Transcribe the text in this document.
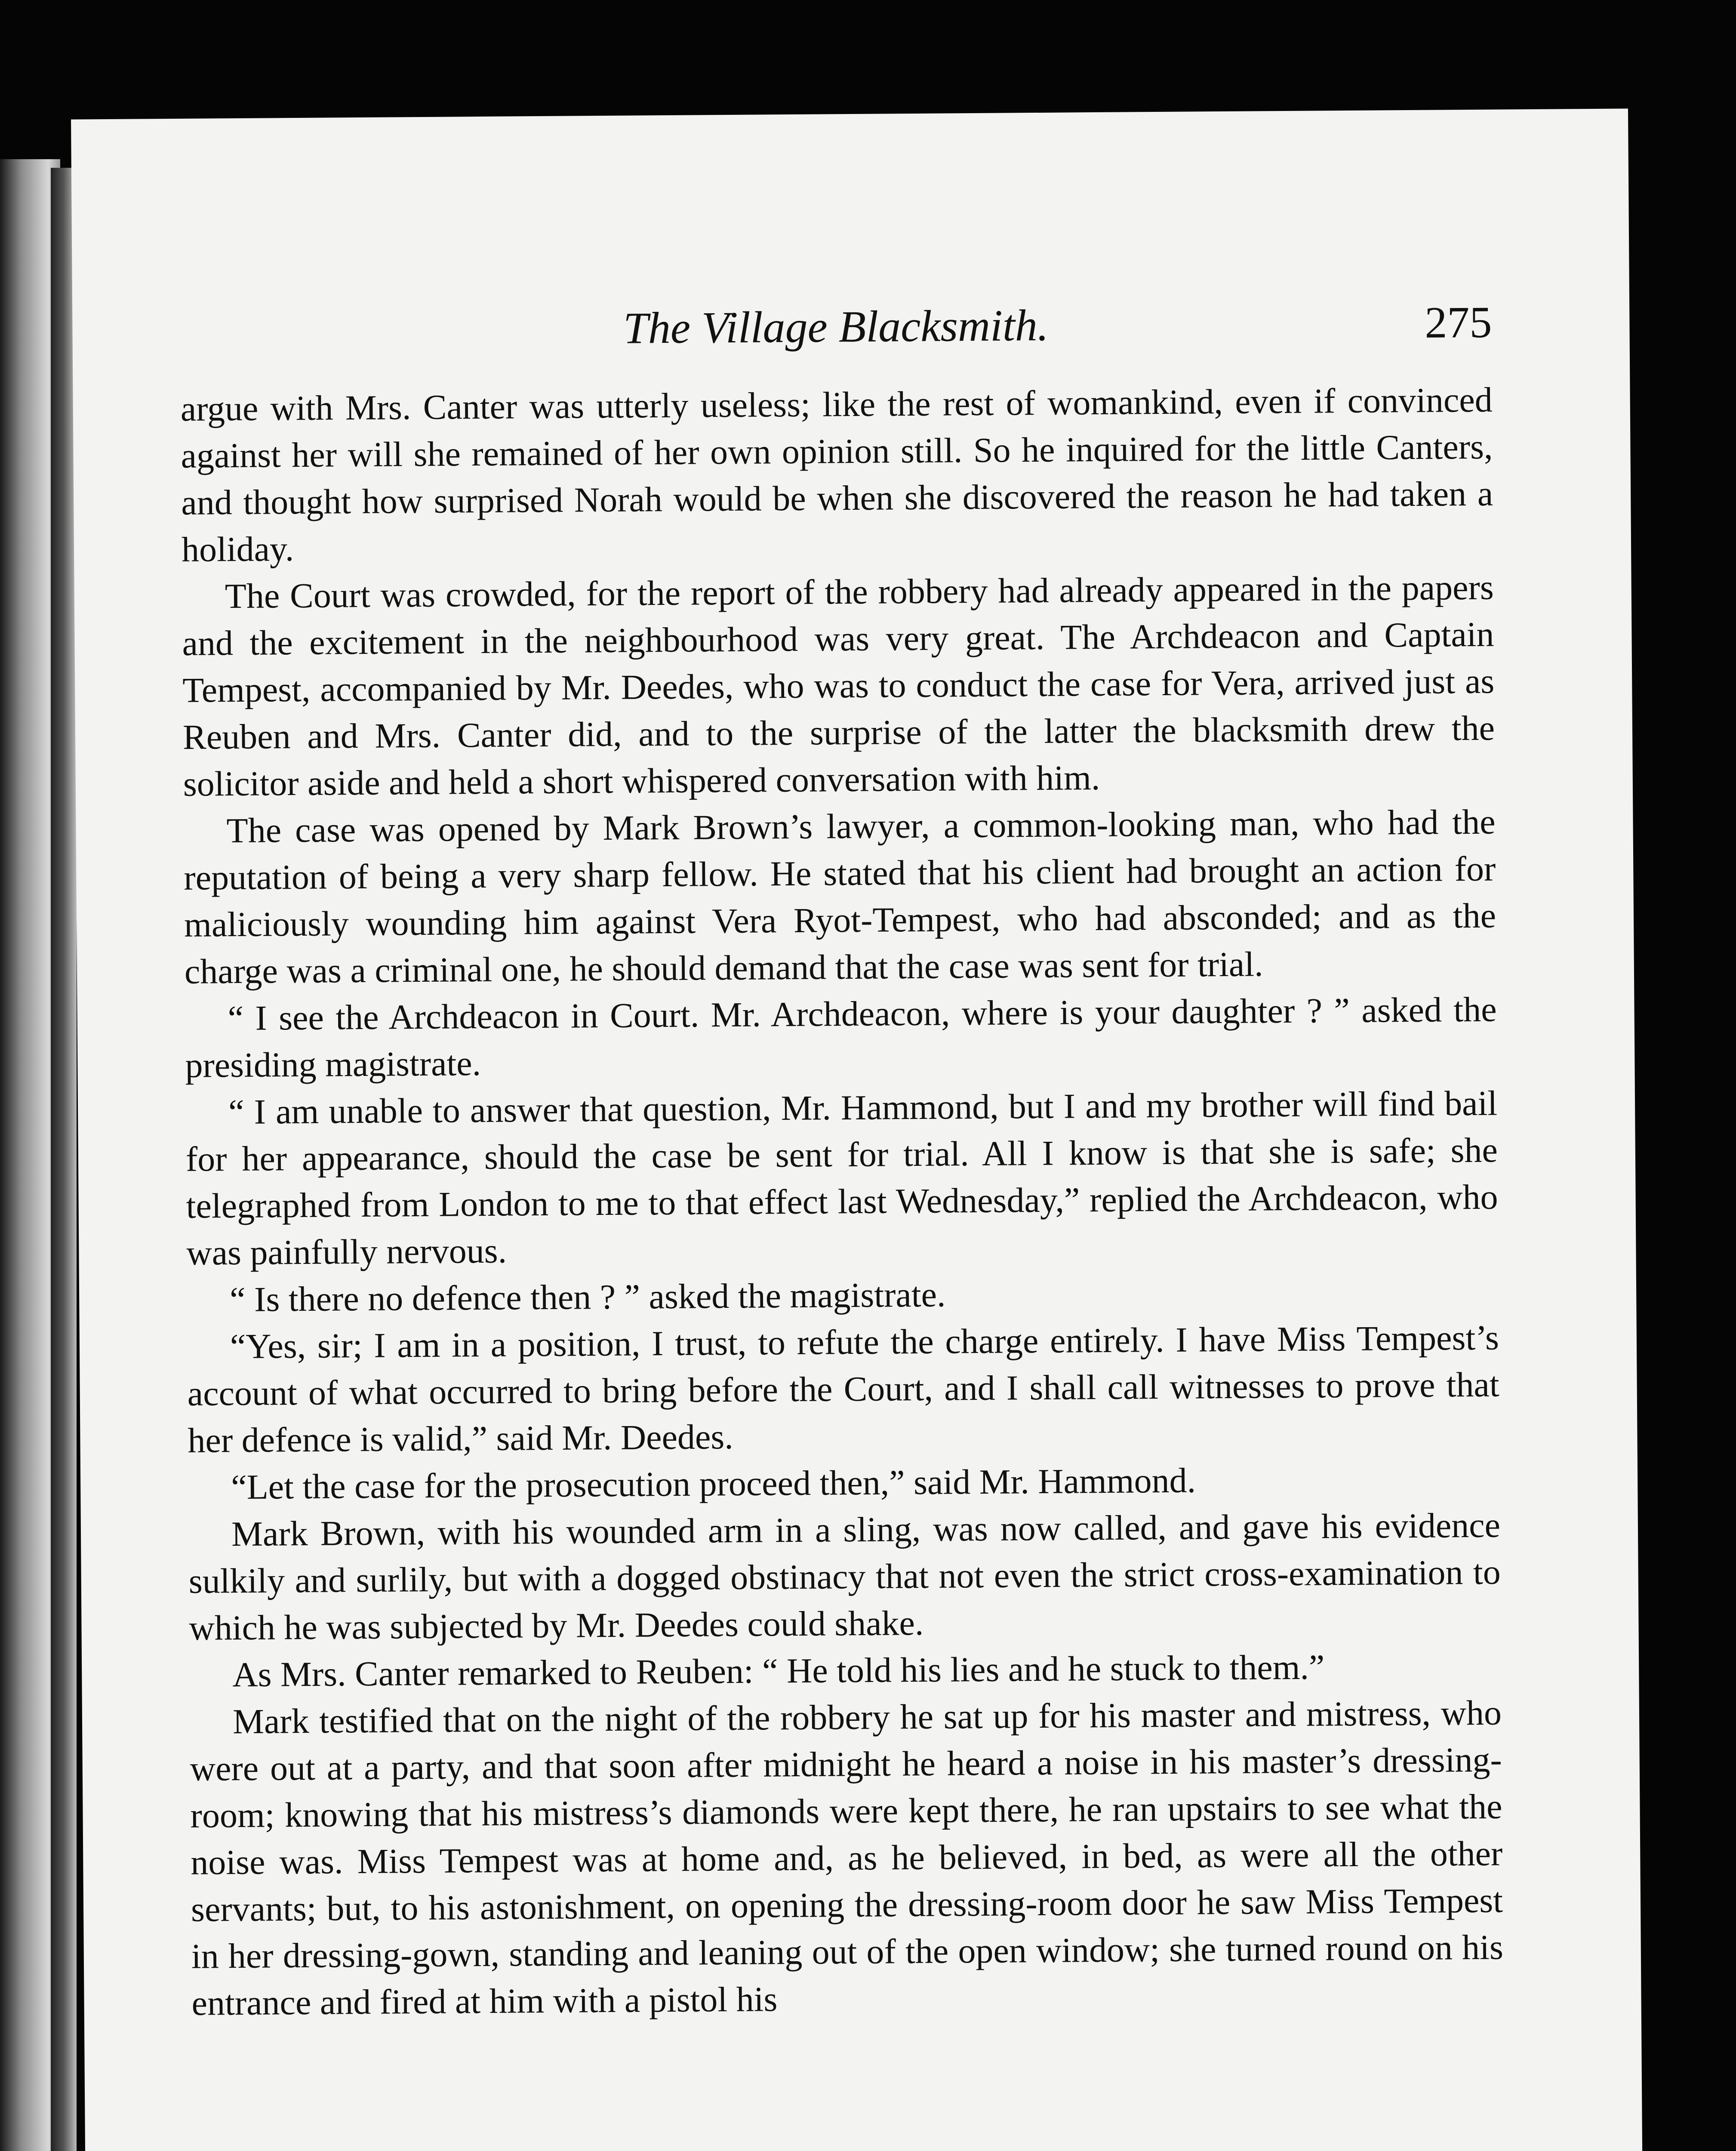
The Village Blacksmith.	275

argue with Mrs. Canter was utterly useless; like the rest of womankind, even if convinced against her will she remained of her own opinion still. So he inquired for the little Canters, and thought how surprised Norah would be when she discovered the reason he had taken a holiday.

The Court was crowded, for the report of the robbery had already appeared in the papers and the excitement in the neighbourhood was very great. The Archdeacon and Captain Tempest, accompanied by Mr. Deedes, who was to conduct the case for Vera, arrived just as Reuben and Mrs. Canter did, and to the surprise of the latter the blacksmith drew the solicitor aside and held a short whispered conversation with him.

The case was opened by Mark Brown’s lawyer, a common-looking man, who had the reputation of being a very sharp fellow. He stated that his client had brought an action for maliciously wounding him against Vera Ryot-Tempest, who had absconded; and as the charge was a criminal one, he should demand that the case was sent for trial.

“ I see the Archdeacon in Court. Mr. Archdeacon, where is your daughter ? ” asked the presiding magistrate.

“ I am unable to answer that question, Mr. Hammond, but I and my brother will find bail for her appearance, should the case be sent for trial. All I know is that she is safe; she telegraphed from London to me to that effect last Wednesday,” replied the Archdeacon, who was painfully nervous.

“ Is there no defence then ? ” asked the magistrate.

“Yes, sir; I am in a position, I trust, to refute the charge entirely. I have Miss Tempest’s account of what occurred to bring before the Court, and I shall call witnesses to prove that her defence is valid,” said Mr. Deedes.

“Let the case for the prosecution proceed then,” said Mr. Hammond.

Mark Brown, with his wounded arm in a sling, was now called, and gave his evidence sulkily and surlily, but with a dogged obstinacy that not even the strict cross-examination to which he was subjected by Mr. Deedes could shake.

As Mrs. Canter remarked to Reuben: “ He told his lies and he stuck to them.”

Mark testified that on the night of the robbery he sat up for his master and mistress, who were out at a party, and that soon after midnight he heard a noise in his master’s dressing-room; knowing that his mistress’s diamonds were kept there, he ran upstairs to see what the noise was. Miss Tempest was at home and, as he believed, in bed, as were all the other servants; but, to his astonishment, on opening the dressing-room door he saw Miss Tempest in her dressing-gown, standing and leaning out of the open window; she turned round on his entrance and fired at him with a pistol his
